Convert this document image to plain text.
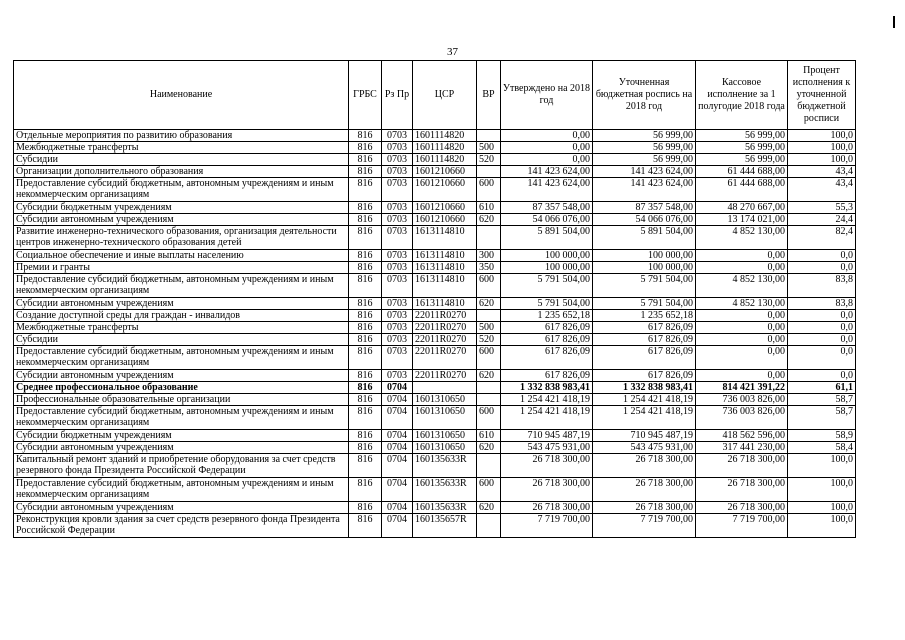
37
Наименование	ГРБС	Рз Пр	ЦСР	ВР	Утверждено на 2018 год	Уточненная бюджетная роспись на 2018 год	Кассовое исполнение за 1 полугодие 2018 года	Процент исполнения к уточненной бюджетной росписи
Отдельные мероприятия по развитию образования	816	0703	1601114820		0,00	56 999,00	56 999,00	100,0
Межбюджетные трансферты	816	0703	1601114820	500	0,00	56 999,00	56 999,00	100,0
Субсидии	816	0703	1601114820	520	0,00	56 999,00	56 999,00	100,0
Организации дополнительного образования	816	0703	1601210660		141 423 624,00	141 423 624,00	61 444 688,00	43,4
Предоставление субсидий бюджетным, автономным учреждениям и иным некоммерческим организациям	816	0703	1601210660	600	141 423 624,00	141 423 624,00	61 444 688,00	43,4
Субсидии бюджетным учреждениям	816	0703	1601210660	610	87 357 548,00	87 357 548,00	48 270 667,00	55,3
Субсидии автономным учреждениям	816	0703	1601210660	620	54 066 076,00	54 066 076,00	13 174 021,00	24,4
Развитие инженерно-технического образования, организация деятельности центров инженерно-технического образования детей	816	0703	1613114810		5 891 504,00	5 891 504,00	4 852 130,00	82,4
Социальное обеспечение и иные выплаты населению	816	0703	1613114810	300	100 000,00	100 000,00	0,00	0,0
Премии и гранты	816	0703	1613114810	350	100 000,00	100 000,00	0,00	0,0
Предоставление субсидий бюджетным, автономным учреждениям и иным некоммерческим организациям	816	0703	1613114810	600	5 791 504,00	5 791 504,00	4 852 130,00	83,8
Субсидии автономным учреждениям	816	0703	1613114810	620	5 791 504,00	5 791 504,00	4 852 130,00	83,8
Создание доступной среды для граждан - инвалидов	816	0703	22011R0270		1 235 652,18	1 235 652,18	0,00	0,0
Межбюджетные трансферты	816	0703	22011R0270	500	617 826,09	617 826,09	0,00	0,0
Субсидии	816	0703	22011R0270	520	617 826,09	617 826,09	0,00	0,0
Предоставление субсидий бюджетным, автономным учреждениям и иным некоммерческим организациям	816	0703	22011R0270	600	617 826,09	617 826,09	0,00	0,0
Субсидии автономным учреждениям	816	0703	22011R0270	620	617 826,09	617 826,09	0,00	0,0
Среднее профессиональное образование	816	0704			1 332 838 983,41	1 332 838 983,41	814 421 391,22	61,1
Профессиональные образовательные организации	816	0704	1601310650		1 254 421 418,19	1 254 421 418,19	736 003 826,00	58,7
Предоставление субсидий бюджетным, автономным учреждениям и иным некоммерческим организациям	816	0704	1601310650	600	1 254 421 418,19	1 254 421 418,19	736 003 826,00	58,7
Субсидии бюджетным учреждениям	816	0704	1601310650	610	710 945 487,19	710 945 487,19	418 562 596,00	58,9
Субсидии автономным учреждениям	816	0704	1601310650	620	543 475 931,00	543 475 931,00	317 441 230,00	58,4
Капитальный ремонт зданий и приобретение оборудования за счет средств резервного фонда Президента Российской Федерации	816	0704	160135633R		26 718 300,00	26 718 300,00	26 718 300,00	100,0
Предоставление субсидий бюджетным, автономным учреждениям и иным некоммерческим организациям	816	0704	160135633R	600	26 718 300,00	26 718 300,00	26 718 300,00	100,0
Субсидии автономным учреждениям	816	0704	160135633R	620	26 718 300,00	26 718 300,00	26 718 300,00	100,0
Реконструкция кровли здания за счет средств резервного фонда Президента Российской Федерации	816	0704	160135657R		7 719 700,00	7 719 700,00	7 719 700,00	100,0
